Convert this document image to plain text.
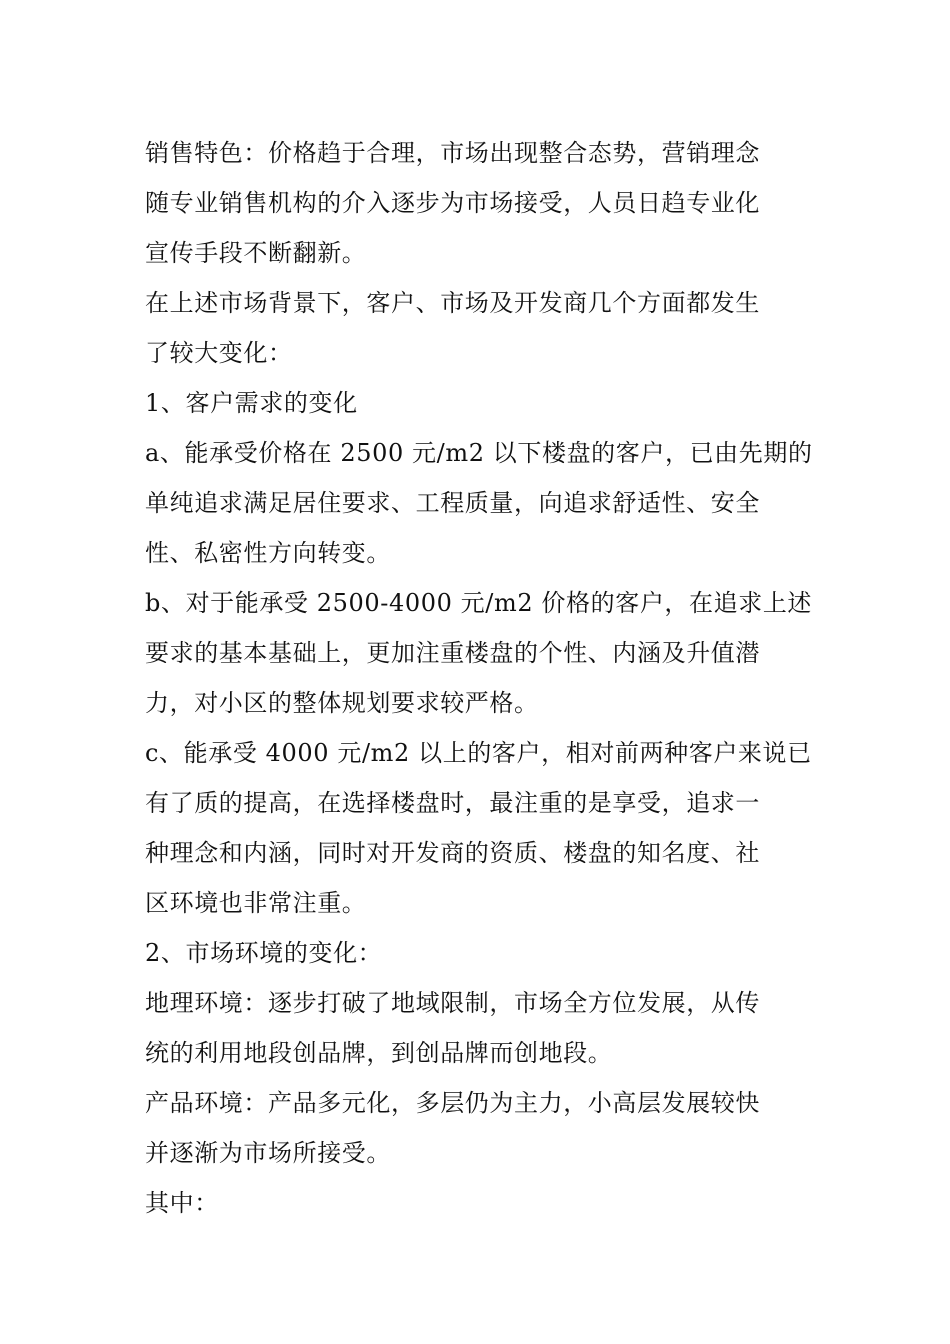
销售特色：价格趋于合理，市场出现整合态势，营销理念
随专业销售机构的介入逐步为市场接受，人员日趋专业化
宣传手段不断翻新。
在上述市场背景下，客户、市场及开发商几个方面都发生
了较大变化：
1、客户需求的变化
a、能承受价格在 2500 元/m2 以下楼盘的客户，已由先期的
单纯追求满足居住要求、工程质量，向追求舒适性、安全
性、私密性方向转变。
b、对于能承受 2500-4000 元/m2 价格的客户，在追求上述
要求的基本基础上，更加注重楼盘的个性、内涵及升值潜
力，对小区的整体规划要求较严格。
c、能承受 4000 元/m2 以上的客户，相对前两种客户来说已
有了质的提高，在选择楼盘时，最注重的是享受，追求一
种理念和内涵，同时对开发商的资质、楼盘的知名度、社
区环境也非常注重。
2、市场环境的变化：
地理环境：逐步打破了地域限制，市场全方位发展，从传
统的利用地段创品牌，到创品牌而创地段。
产品环境：产品多元化，多层仍为主力，小高层发展较快
并逐渐为市场所接受。
其中：
